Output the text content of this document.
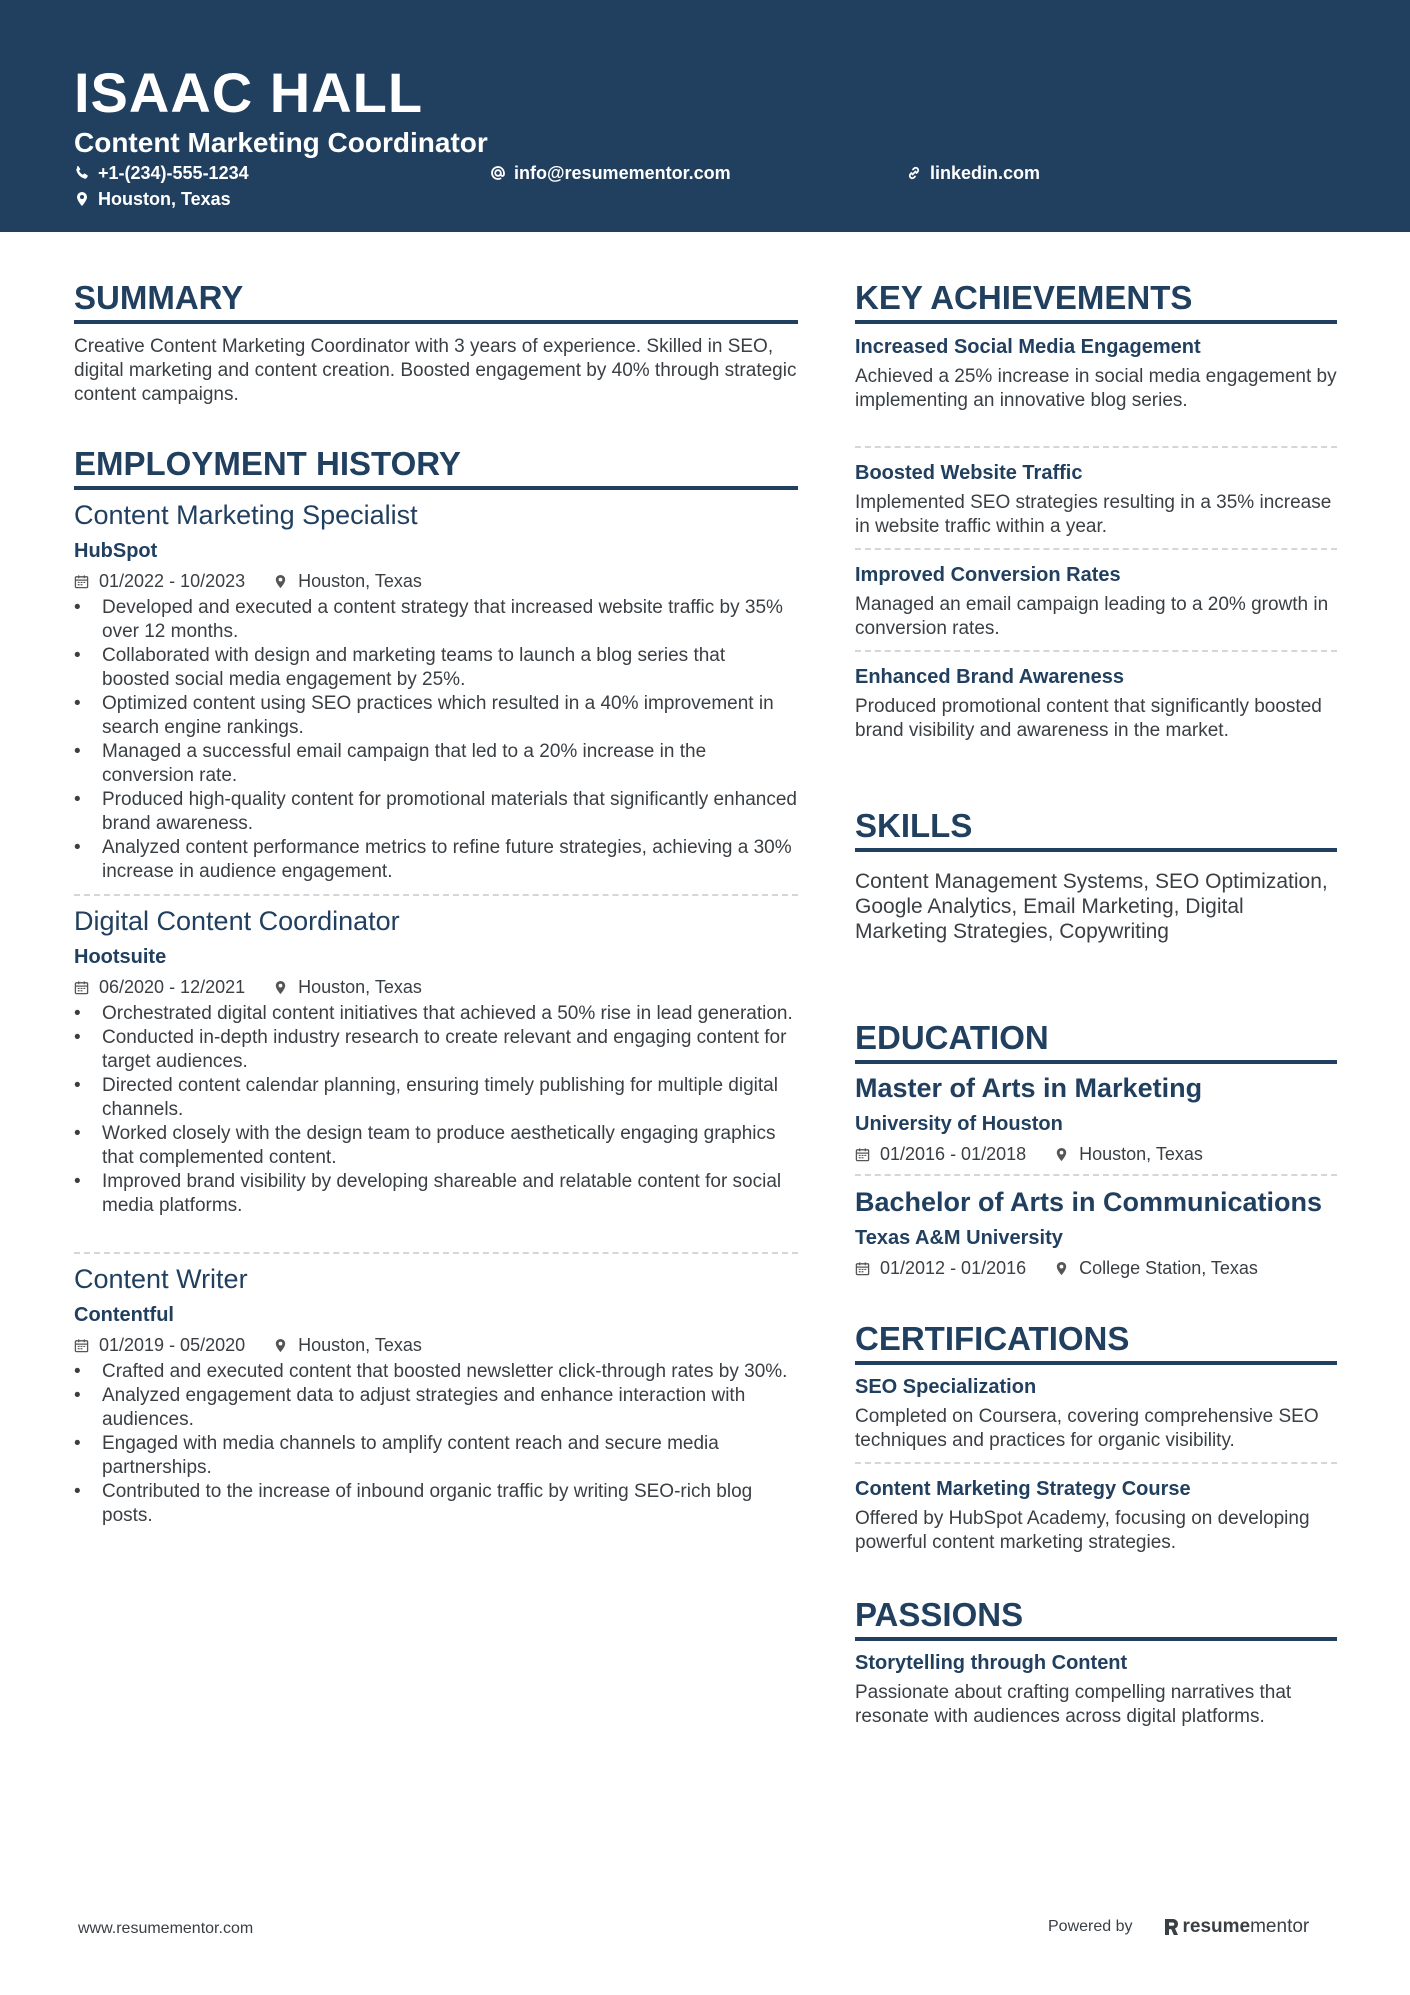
ISAAC HALL
Content Marketing Coordinator
+1-(234)-555-1234	info@resumementor.com	linkedin.com
Houston, Texas
SUMMARY

Creative Content Marketing Coordinator with 3 years of experience. Skilled in SEO, digital marketing and content creation. Boosted engagement by 40% through strategic content campaigns.

EMPLOYMENT HISTORY
Content Marketing Specialist
HubSpot
01/2022 - 10/2023	Houston, Texas
• Developed and executed a content strategy that increased website traffic by 35% over 12 months.
• Collaborated with design and marketing teams to launch a blog series that boosted social media engagement by 25%.
• Optimized content using SEO practices which resulted in a 40% improvement in search engine rankings.
• Managed a successful email campaign that led to a 20% increase in the conversion rate.
• Produced high-quality content for promotional materials that significantly enhanced brand awareness.
• Analyzed content performance metrics to refine future strategies, achieving a 30% increase in audience engagement.
Digital Content Coordinator
Hootsuite
06/2020 - 12/2021	Houston, Texas
• Orchestrated digital content initiatives that achieved a 50% rise in lead generation.
• Conducted in-depth industry research to create relevant and engaging content for target audiences.
• Directed content calendar planning, ensuring timely publishing for multiple digital channels.
• Worked closely with the design team to produce aesthetically engaging graphics that complemented content.
• Improved brand visibility by developing shareable and relatable content for social media platforms.
Content Writer
Contentful
01/2019 - 05/2020	Houston, Texas
• Crafted and executed content that boosted newsletter click-through rates by 30%.
• Analyzed engagement data to adjust strategies and enhance interaction with audiences.
• Engaged with media channels to amplify content reach and secure media partnerships.
• Contributed to the increase of inbound organic traffic by writing SEO-rich blog posts.
KEY ACHIEVEMENTS
Increased Social Media Engagement

Achieved a 25% increase in social media engagement by implementing an innovative blog series.

Boosted Website Traffic

Implemented SEO strategies resulting in a 35% increase in website traffic within a year.

Improved Conversion Rates

Managed an email campaign leading to a 20% growth in conversion rates.

Enhanced Brand Awareness

Produced promotional content that significantly boosted brand visibility and awareness in the market.

SKILLS

Content Management Systems, SEO Optimization, Google Analytics, Email Marketing, Digital Marketing Strategies, Copywriting

EDUCATION
Master of Arts in Marketing
University of Houston
01/2016 - 01/2018	Houston, Texas
Bachelor of Arts in Communications
Texas A&M University
01/2012 - 01/2016	College Station, Texas
CERTIFICATIONS
SEO Specialization

Completed on Coursera, covering comprehensive SEO techniques and practices for organic visibility.

Content Marketing Strategy Course

Offered by HubSpot Academy, focusing on developing powerful content marketing strategies.

PASSIONS
Storytelling through Content

Passionate about crafting compelling narratives that resonate with audiences across digital platforms.

www.resumementor.com	Powered by	resume mentor
